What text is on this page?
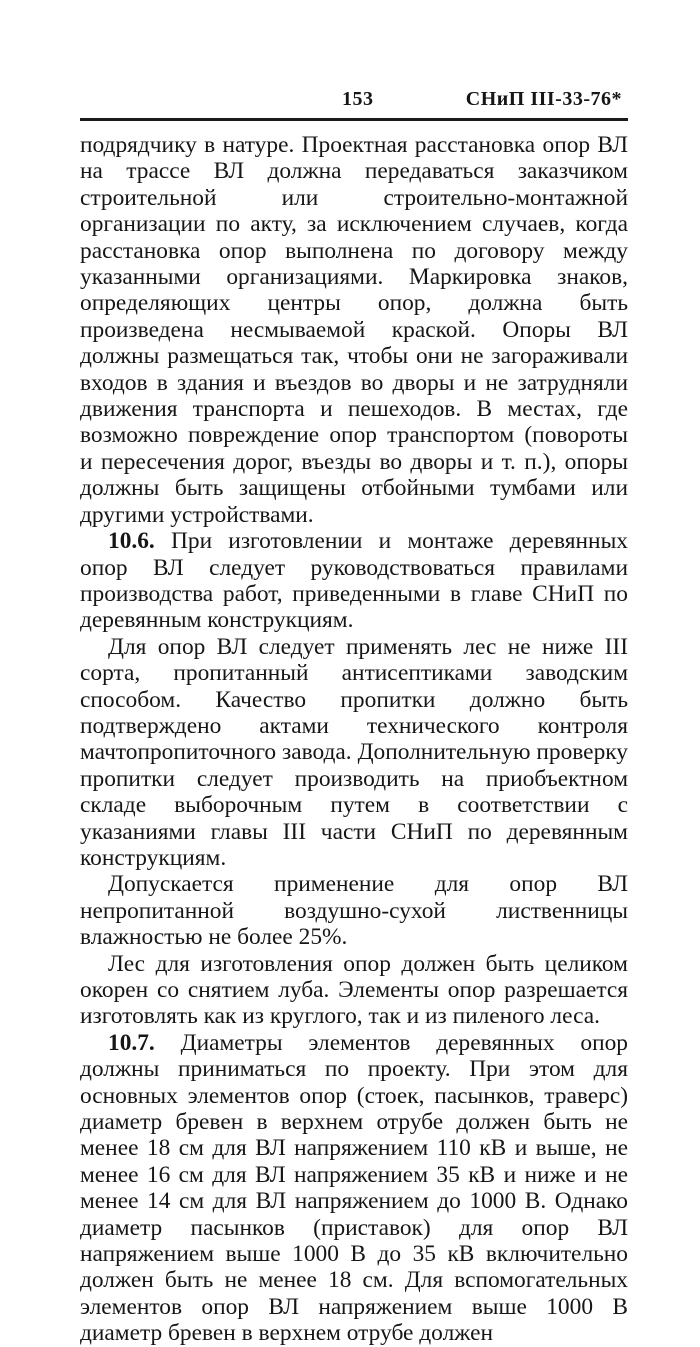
153	СНиП III-33-76*

подрядчику в натуре. Проектная расстановка опор ВЛ на трассе ВЛ должна передаваться заказчиком строительной или строительно-монтажной организации по акту, за исключением случаев, когда расстановка опор выполнена по договору между указанными организациями. Маркировка знаков, определяющих центры опор, должна быть произведена несмываемой краской. Опоры ВЛ должны размещаться так, чтобы они не загораживали входов в здания и въездов во дворы и не затрудняли движения транспорта и пешеходов. В местах, где возможно повреждение опор транспортом (повороты и пересечения дорог, въезды во дворы и т. п.), опоры должны быть защищены отбойными тумбами или другими устройствами.

10.6. При изготовлении и монтаже деревянных опор ВЛ следует руководствоваться правилами производства работ, приведенными в главе СНиП по деревянным конструкциям.

Для опор ВЛ следует применять лес не ниже III сорта, пропитанный антисептиками заводским способом. Качество пропитки должно быть подтверждено актами технического контроля мачтопропиточного завода. Дополнительную проверку пропитки следует производить на приобъектном складе выборочным путем в соответствии с указаниями главы III части СНиП по деревянным конструкциям.

Допускается применение для опор ВЛ непропитанной воздушно-сухой лиственницы влажностью не более 25%.

Лес для изготовления опор должен быть целиком окорен со снятием луба. Элементы опор разрешается изготовлять как из круглого, так и из пиленого леса.

10.7. Диаметры элементов деревянных опор должны приниматься по проекту. При этом для основных элементов опор (стоек, пасынков, траверс) диаметр бревен в верхнем отрубе должен быть не менее 18 см для ВЛ напряжением 110 кВ и выше, не менее 16 см для ВЛ напряжением 35 кВ и ниже и не менее 14 см для ВЛ напряжением до 1000 В. Однако диаметр пасынков (приставок) для опор ВЛ напряжением выше 1000 В до 35 кВ включительно должен быть не менее 18 см. Для вспомогательных элементов опор ВЛ напряжением выше 1000 В диаметр бревен в верхнем отрубе должен
